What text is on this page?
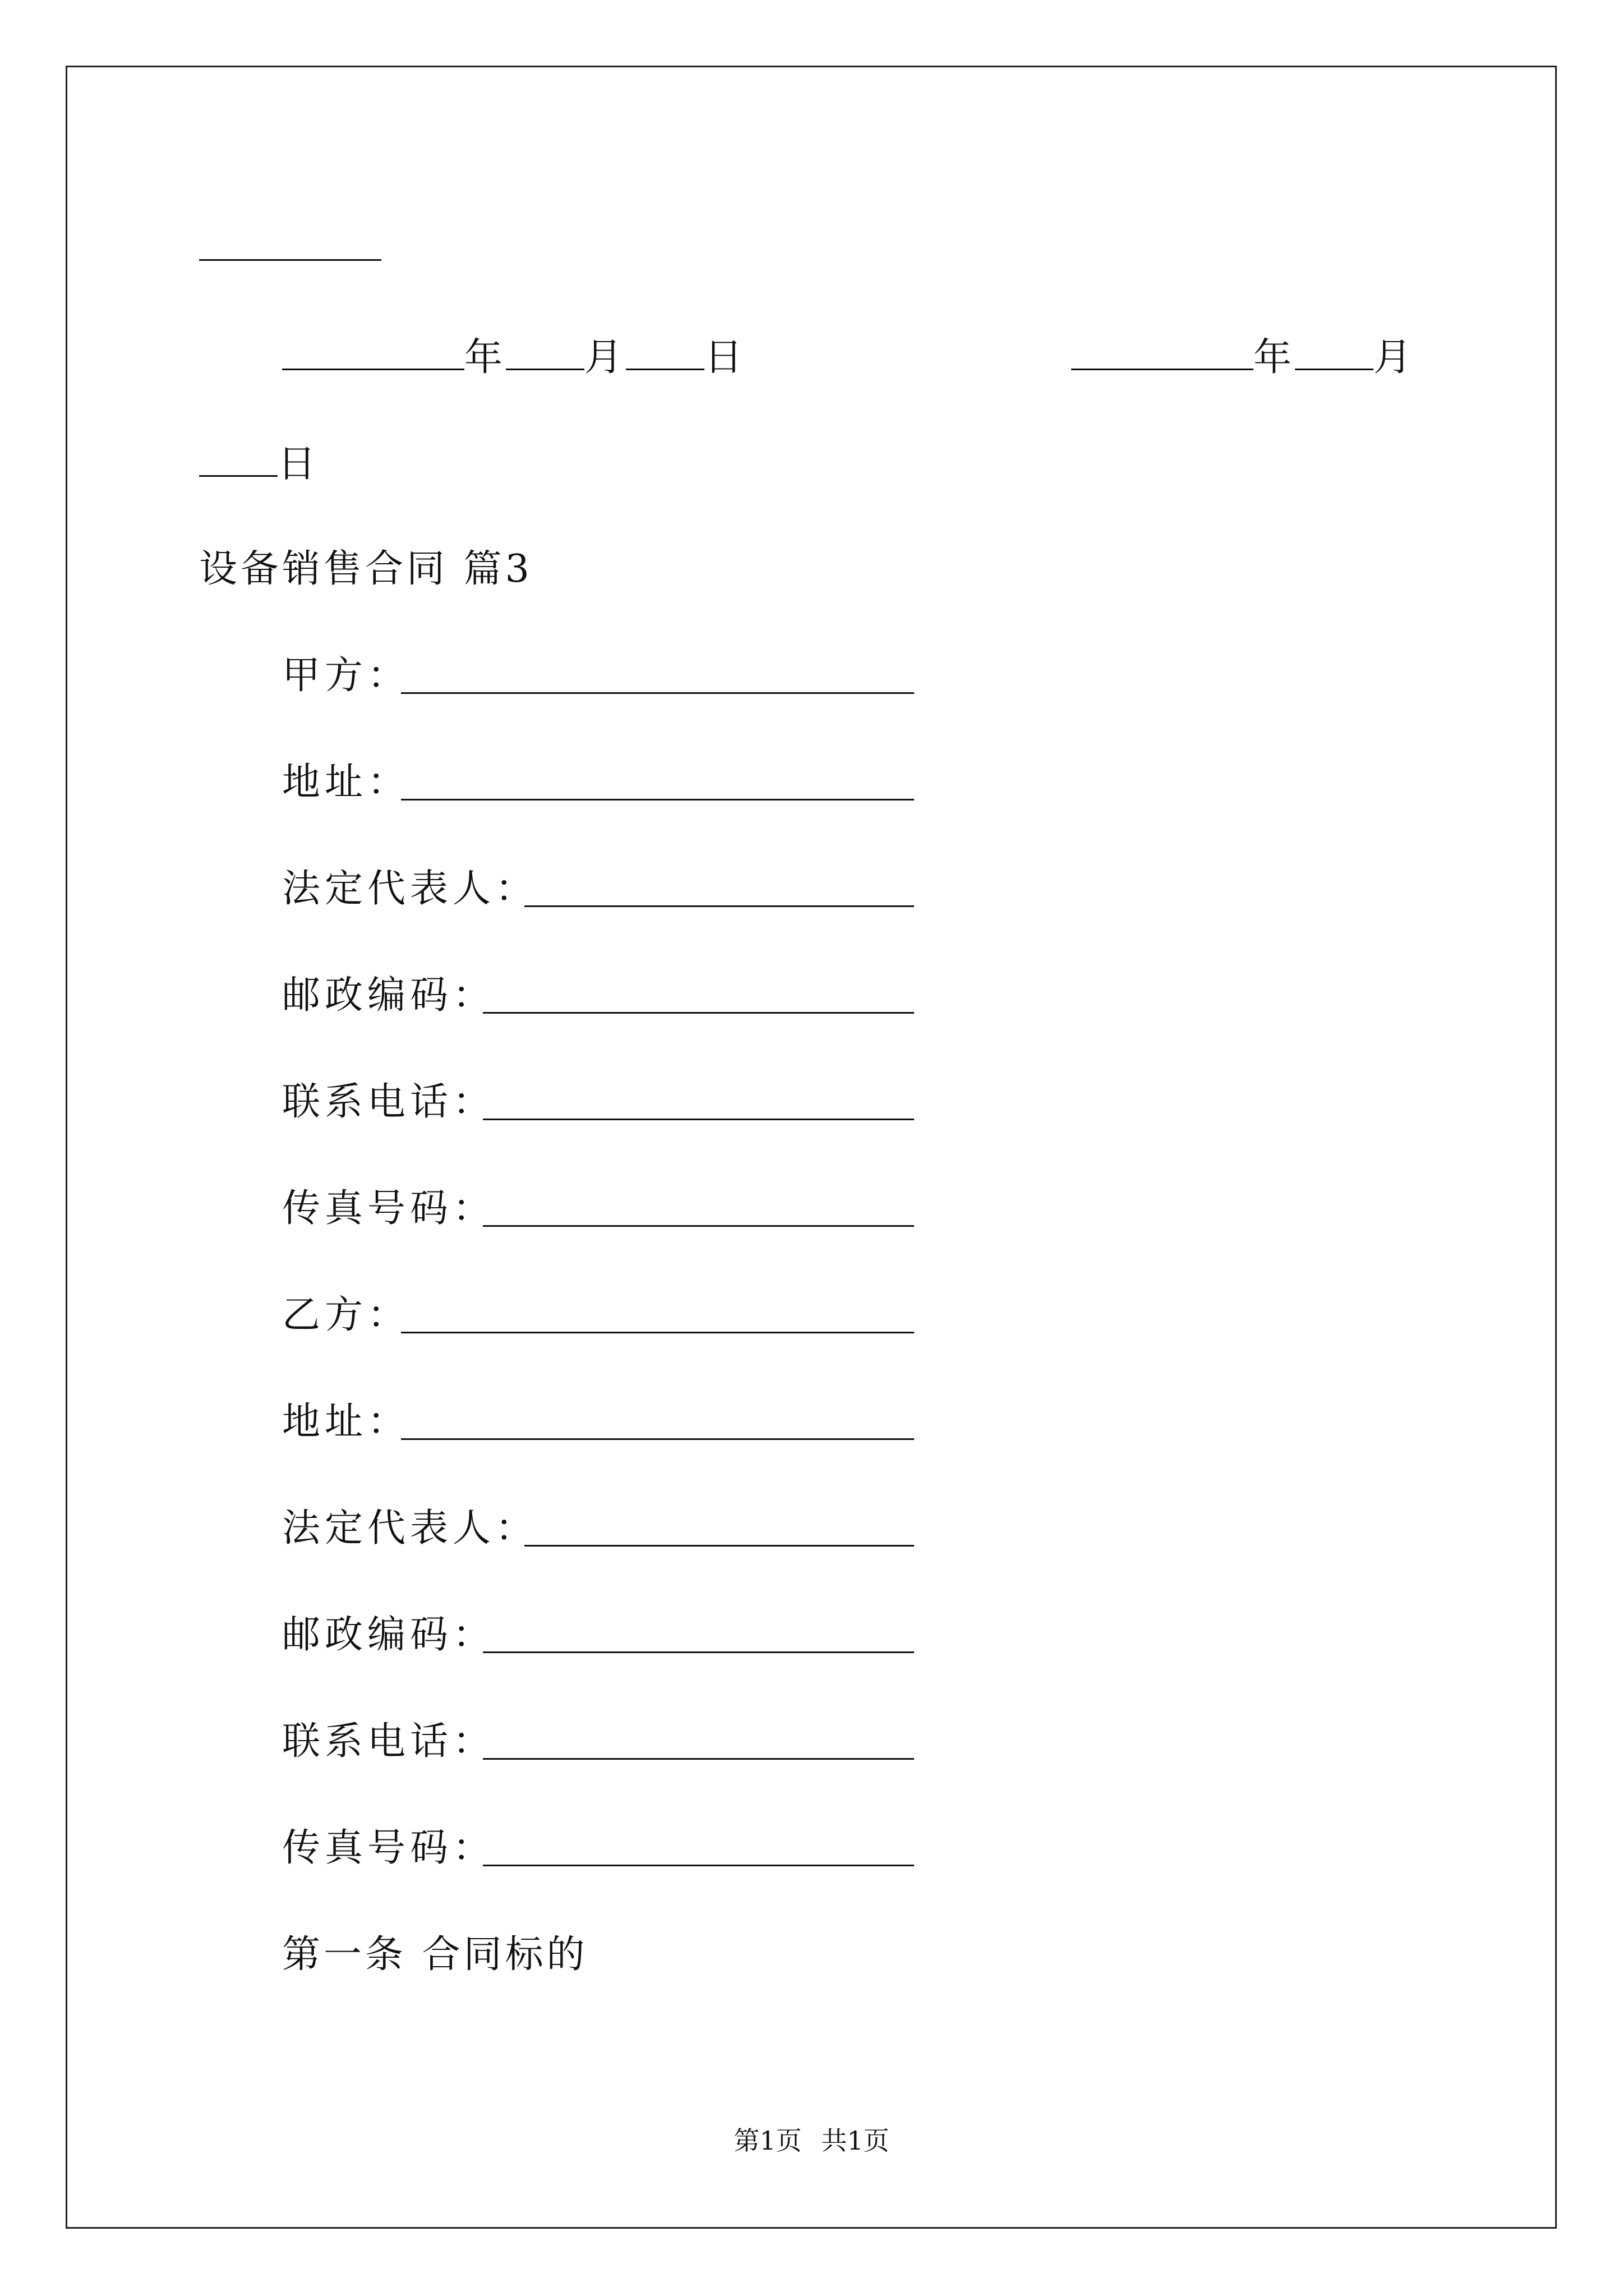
年 月 日	年 月
日
设备销售合同 篇3
甲方：
地址：
法定代表人：
邮政编码：
联系电话：
传真号码：
乙方：
地址：
法定代表人：
邮政编码：
联系电话：
传真号码：
第一条 合同标的
第1页 共1页
